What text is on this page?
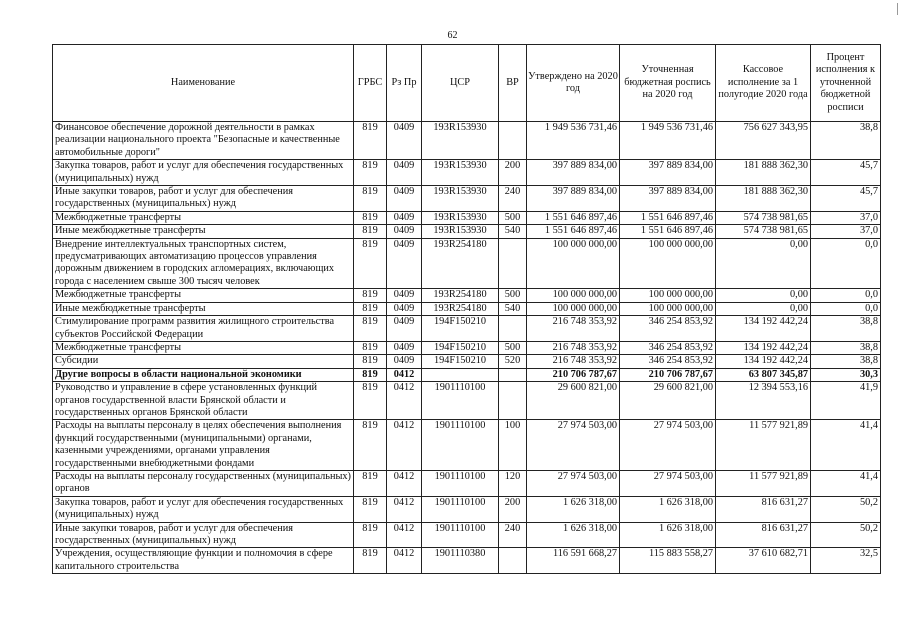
62
Наименование	ГРБС	Рз Пр	ЦСР	ВР	Утверждено на 2020 год	Уточненная бюджетная роспись на 2020 год	Кассовое исполнение за 1 полугодие 2020 года	Процент исполнения к уточненной бюджетной росписи
Финансовое обеспечение дорожной деятельности в рамках реализации национального проекта "Безопасные и качественные автомобильные дороги"	819	0409	193R153930		1 949 536 731,46	1 949 536 731,46	756 627 343,95	38,8
Закупка товаров, работ и услуг для обеспечения государственных (муниципальных) нужд	819	0409	193R153930	200	397 889 834,00	397 889 834,00	181 888 362,30	45,7
Иные закупки товаров, работ и услуг для обеспечения государственных (муниципальных) нужд	819	0409	193R153930	240	397 889 834,00	397 889 834,00	181 888 362,30	45,7
Межбюджетные трансферты	819	0409	193R153930	500	1 551 646 897,46	1 551 646 897,46	574 738 981,65	37,0
Иные межбюджетные трансферты	819	0409	193R153930	540	1 551 646 897,46	1 551 646 897,46	574 738 981,65	37,0
Внедрение интеллектуальных транспортных систем, предусматривающих автоматизацию процессов управления дорожным движением в городских агломерациях, включающих города с населением свыше 300 тысяч человек	819	0409	193R254180		100 000 000,00	100 000 000,00	0,00	0,0
Межбюджетные трансферты	819	0409	193R254180	500	100 000 000,00	100 000 000,00	0,00	0,0
Иные межбюджетные трансферты	819	0409	193R254180	540	100 000 000,00	100 000 000,00	0,00	0,0
Стимулирование программ развития жилищного строительства субъектов Российской Федерации	819	0409	194F150210		216 748 353,92	346 254 853,92	134 192 442,24	38,8
Межбюджетные трансферты	819	0409	194F150210	500	216 748 353,92	346 254 853,92	134 192 442,24	38,8
Субсидии	819	0409	194F150210	520	216 748 353,92	346 254 853,92	134 192 442,24	38,8
Другие вопросы в области национальной экономики	819	0412			210 706 787,67	210 706 787,67	63 807 345,87	30,3
Руководство и управление в сфере установленных функций органов государственной власти Брянской области и государственных органов Брянской области	819	0412	1901110100		29 600 821,00	29 600 821,00	12 394 553,16	41,9
Расходы на выплаты персоналу в целях обеспечения выполнения функций государственными (муниципальными) органами, казенными учреждениями, органами управления государственными внебюджетными фондами	819	0412	1901110100	100	27 974 503,00	27 974 503,00	11 577 921,89	41,4
Расходы на выплаты персоналу государственных (муниципальных) органов	819	0412	1901110100	120	27 974 503,00	27 974 503,00	11 577 921,89	41,4
Закупка товаров, работ и услуг для обеспечения государственных (муниципальных) нужд	819	0412	1901110100	200	1 626 318,00	1 626 318,00	816 631,27	50,2
Иные закупки товаров, работ и услуг для обеспечения государственных (муниципальных) нужд	819	0412	1901110100	240	1 626 318,00	1 626 318,00	816 631,27	50,2
Учреждения, осуществляющие функции и полномочия в сфере капитального строительства	819	0412	1901110380		116 591 668,27	115 883 558,27	37 610 682,71	32,5
